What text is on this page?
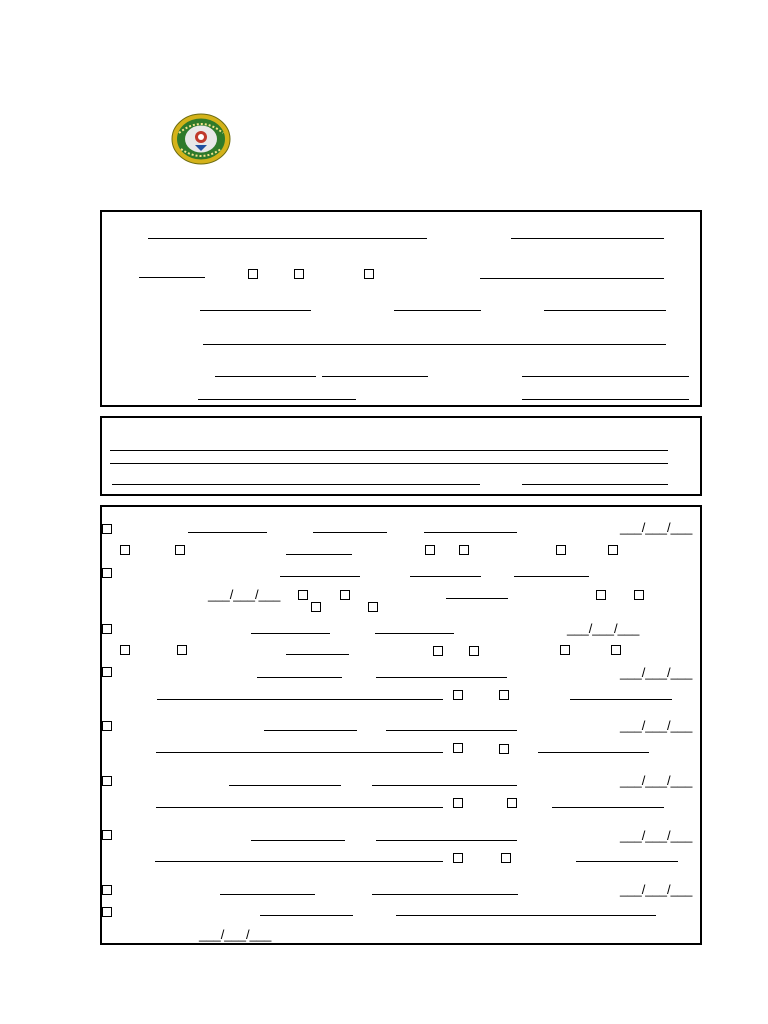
___/___/___
___/___/___
___/___/___
___/___/___
___/___/___
___/___/___
___/___/___
___/___/___
___/___/___
